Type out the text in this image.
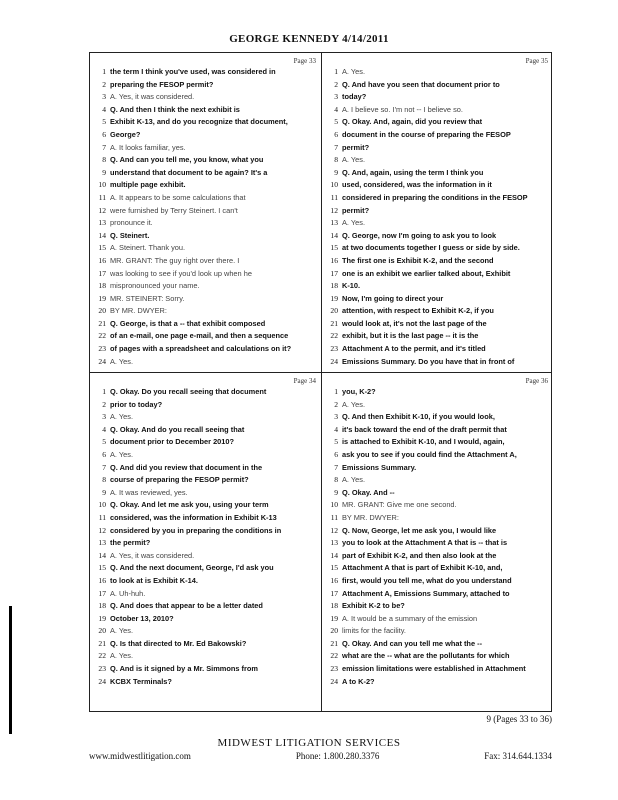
GEORGE KENNEDY 4/14/2011
Page 33
1 the term I think you've used, was considered in
2 preparing the FESOP permit?
3 A. Yes, it was considered.
4 Q. And then I think the next exhibit is
5 Exhibit K-13, and do you recognize that document,
6 George?
7 A. It looks familiar, yes.
8 Q. And can you tell me, you know, what you
9 understand that document to be again? It's a
10 multiple page exhibit.
11 A. It appears to be some calculations that
12 were furnished by Terry Steinert. I can't
13 pronounce it.
14 Q. Steinert.
15 A. Steinert. Thank you.
16 MR. GRANT: The guy right over there. I
17 was looking to see if you'd look up when he
18 mispronounced your name.
19 MR. STEINERT: Sorry.
20 BY MR. DWYER:
21 Q. George, is that a -- that exhibit composed
22 of an e-mail, one page e-mail, and then a sequence
23 of pages with a spreadsheet and calculations on it?
24 A. Yes.
Page 35
1 A. Yes.
2 Q. And have you seen that document prior to
3 today?
4 A. I believe so. I'm not -- I believe so.
5 Q. Okay. And, again, did you review that
6 document in the course of preparing the FESOP
7 permit?
8 A. Yes.
9 Q. And, again, using the term I think you
10 used, considered, was the information in it
11 considered in preparing the conditions in the FESOP
12 permit?
13 A. Yes.
14 Q. George, now I'm going to ask you to look
15 at two documents together I guess or side by side.
16 The first one is Exhibit K-2, and the second
17 one is an exhibit we earlier talked about, Exhibit
18 K-10.
19 Now, I'm going to direct your
20 attention, with respect to Exhibit K-2, if you
21 would look at, it's not the last page of the
22 exhibit, but it is the last page -- it is the
23 Attachment A to the permit, and it's titled
24 Emissions Summary. Do you have that in front of
Page 34
1 Q. Okay. Do you recall seeing that document
2 prior to today?
3 A. Yes.
4 Q. Okay. And do you recall seeing that
5 document prior to December 2010?
6 A. Yes.
7 Q. And did you review that document in the
8 course of preparing the FESOP permit?
9 A. It was reviewed, yes.
10 Q. Okay. And let me ask you, using your term
11 considered, was the information in Exhibit K-13
12 considered by you in preparing the conditions in
13 the permit?
14 A. Yes, it was considered.
15 Q. And the next document, George, I'd ask you
16 to look at is Exhibit K-14.
17 A. Uh-huh.
18 Q. And does that appear to be a letter dated
19 October 13, 2010?
20 A. Yes.
21 Q. Is that directed to Mr. Ed Bakowski?
22 A. Yes.
23 Q. And is it signed by a Mr. Simmons from
24 KCBX Terminals?
Page 36
1 you, K-2?
2 A. Yes.
3 Q. And then Exhibit K-10, if you would look,
4 it's back toward the end of the draft permit that
5 is attached to Exhibit K-10, and I would, again,
6 ask you to see if you could find the Attachment A,
7 Emissions Summary.
8 A. Yes.
9 Q. Okay. And --
10 MR. GRANT: Give me one second.
11 BY MR. DWYER:
12 Q. Now, George, let me ask you, I would like
13 you to look at the Attachment A that is -- that is
14 part of Exhibit K-2, and then also look at the
15 Attachment A that is part of Exhibit K-10, and,
16 first, would you tell me, what do you understand
17 Attachment A, Emissions Summary, attached to
18 Exhibit K-2 to be?
19 A. It would be a summary of the emission
20 limits for the facility.
21 Q. Okay. And can you tell me what the --
22 what are the -- what are the pollutants for which
23 emission limitations were established in Attachment
24 A to K-2?
9 (Pages 33 to 36)
MIDWEST LITIGATION SERVICES
www.midwestlitigation.com	Phone: 1.800.280.3376	Fax: 314.644.1334
